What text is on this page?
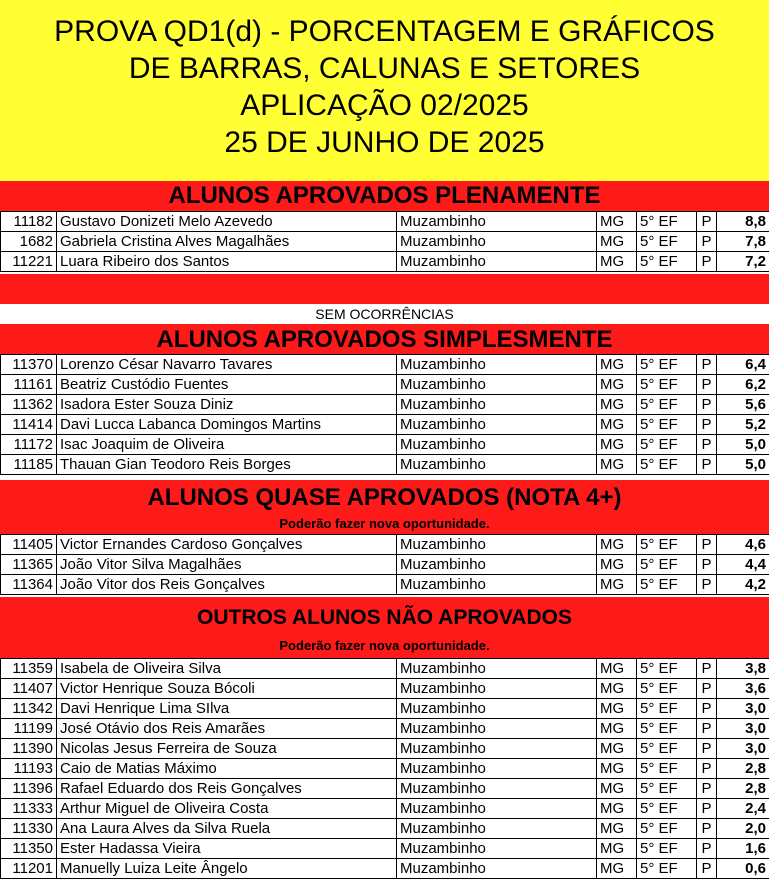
PROVA QD1(d) - PORCENTAGEM E GRÁFICOS
DE BARRAS, CALUNAS E SETORES
APLICAÇÃO 02/2025
25 DE JUNHO DE 2025
ALUNOS APROVADOS PLENAMENTE
11182	Gustavo Donizeti Melo Azevedo	Muzambinho	MG	5° EF	P	8,8
1682	Gabriela Cristina Alves Magalhães	Muzambinho	MG	5° EF	P	7,8
11221	Luara Ribeiro dos Santos	Muzambinho	MG	5° EF	P	7,2
SEM OCORRÊNCIAS
ALUNOS APROVADOS SIMPLESMENTE
11370	Lorenzo César Navarro Tavares	Muzambinho	MG	5° EF	P	6,4
11161	Beatriz Custódio Fuentes	Muzambinho	MG	5° EF	P	6,2
11362	Isadora Ester Souza Diniz	Muzambinho	MG	5° EF	P	5,6
11414	Davi Lucca Labanca Domingos Martins	Muzambinho	MG	5° EF	P	5,2
11172	Isac Joaquim de Oliveira	Muzambinho	MG	5° EF	P	5,0
11185	Thauan Gian Teodoro Reis Borges	Muzambinho	MG	5° EF	P	5,0
ALUNOS QUASE APROVADOS (NOTA 4+)
Poderão fazer nova oportunidade.
11405	Victor Ernandes Cardoso Gonçalves	Muzambinho	MG	5° EF	P	4,6
11365	João Vitor Silva Magalhães	Muzambinho	MG	5° EF	P	4,4
11364	João Vitor dos Reis Gonçalves	Muzambinho	MG	5° EF	P	4,2
OUTROS ALUNOS NÃO APROVADOS
Poderão fazer nova oportunidade.
11359	Isabela de Oliveira Silva	Muzambinho	MG	5° EF	P	3,8
11407	Victor Henrique Souza Bócoli	Muzambinho	MG	5° EF	P	3,6
11342	Davi Henrique Lima SIlva	Muzambinho	MG	5° EF	P	3,0
11199	José Otávio dos Reis Amarães	Muzambinho	MG	5° EF	P	3,0
11390	Nicolas Jesus Ferreira de Souza	Muzambinho	MG	5° EF	P	3,0
11193	Caio de Matias Máximo	Muzambinho	MG	5° EF	P	2,8
11396	Rafael Eduardo dos Reis Gonçalves	Muzambinho	MG	5° EF	P	2,8
11333	Arthur Miguel de Oliveira Costa	Muzambinho	MG	5° EF	P	2,4
11330	Ana Laura Alves da Silva Ruela	Muzambinho	MG	5° EF	P	2,0
11350	Ester Hadassa Vieira	Muzambinho	MG	5° EF	P	1,6
11201	Manuelly Luiza Leite Ângelo	Muzambinho	MG	5° EF	P	0,6
